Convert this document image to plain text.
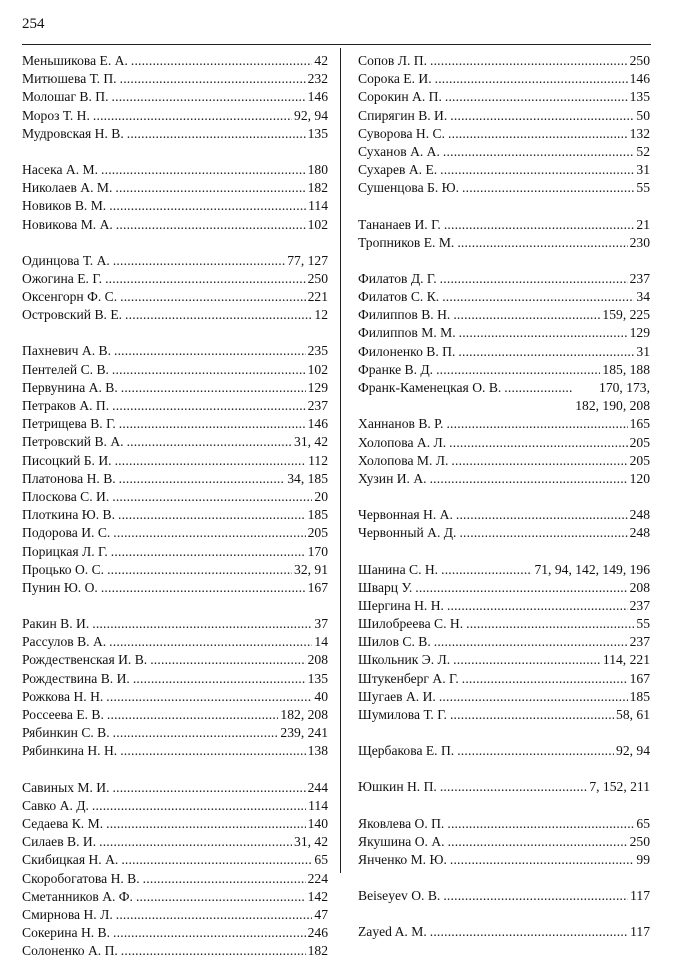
254
Меньшикова Е. А. . . .	42
Митюшева Т. П. . . .	232
Молошаг В. П. . . .	146
Мороз Т. Н. . . .	92, 94
Мудровская Н. В. . . .	135
Насека А. М. . . .	180
Николаев А. М. . . .	182
Новиков В. М. . . .	114
Новикова М. А. . . .	102
Одинцова Т. А. . . .	77, 127
Ожогина Е. Г. . . .	250
Оксенгорн Ф. С. . . .	221
Островский В. Е. . . .	12
Пахневич А. В. . . .	235
Пентелей С. В. . . .	102
Первунина А. В. . . .	129
Петраков А. П. . . .	237
Петрищева В. Г. . . .	146
Петровский В. А. . . .	31, 42
Писоцкий Б. И. . . .	112
Платонова Н. В. . . .	34, 185
Плоскова С. И. . . .	20
Плоткина Ю. В. . . .	185
Подорова И. С. . . .	205
Порицкая Л. Г. . . .	170
Процько О. С. . . .	32, 91
Пунин Ю. О. . . .	167
Ракин В. И. . . .	37
Рассулов В. А. . . .	14
Рождественская И. В. . . .	208
Рождествина В. И. . . .	135
Рожкова Н. Н. . . .	40
Россеева Е. В. . . .	182, 208
Рябинкин С. В. . . .	239, 241
Рябинкина Н. Н. . . .	138
Савиных М. И. . . .	244
Савко А. Д. . . .	114
Седаева К. М. . . .	140
Силаев В. И. . . .	31, 42
Скибицкая Н. А. . . .	65
Скоробогатова Н. В. . . .	224
Сметанников А. Ф. . . .	142
Смирнова Н. Л. . . .	47
Сокерина Н. В. . . .	246
Солоненко А. П. . . .	182
Сопов Л. П. . . .	250
Сорока Е. И. . . .	146
Сорокин А. П. . . .	135
Спирягин В. И. . . .	50
Суворова Н. С. . . .	132
Суханов А. А. . . .	52
Сухарев А. Е. . . .	31
Сушенцова Б. Ю. . . .	55
Тананаев И. Г. . . .	21
Тропников Е. М. . . .	230
Филатов Д. Г. . . .	237
Филатов С. К. . . .	34
Филиппов В. Н. . . .	159, 225
Филиппов М. М. . . .	129
Филоненко В. П. . . .	31
Франке В. Д. . . .	185, 188
Франк-Каменецкая О. В. . . .	170, 173,
182, 190, 208
Ханнанов В. Р. . . .	165
Холопова А. Л. . . .	205
Холопова М. Л. . . .	205
Хузин И. А. . . .	120
Червонная Н. А. . . .	248
Червонный А. Д. . . .	248
Шанина С. Н. . . .	71, 94, 142, 149, 196
Шварц У. . . .	208
Шергина Н. Н. . . .	237
Шилобреева С. Н. . . .	55
Шилов С. В. . . .	237
Школьник Э. Л. . . .	114, 221
Штукенберг А. Г. . . .	167
Шугаев А. И. . . .	185
Шумилова Т. Г. . . .	58, 61
Щербакова Е. П. . . .	92, 94
Юшкин Н. П. . . .	7, 152, 211
Яковлева О. П. . . .	65
Якушина О. А. . . .	250
Янченко М. Ю. . . .	99
Beiseyev O. B. . . .	117
Zayed A. M. . . .	117
